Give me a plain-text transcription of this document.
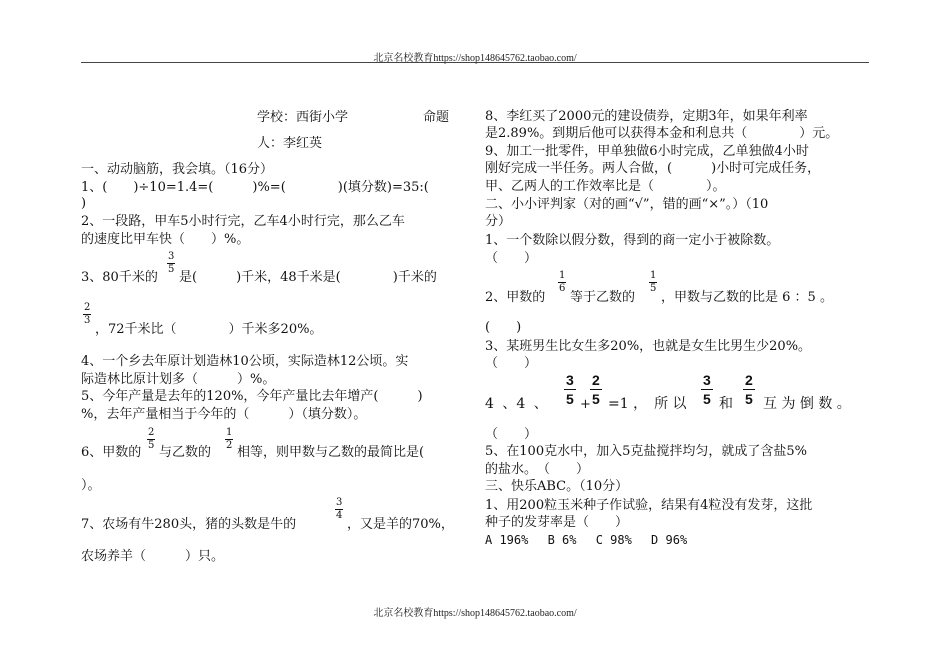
北京名校教育https://shop148645762.taobao.com/
学校：西街小学	命题
人：李红英
一、动动脑筋，我会填。（16分）
1、(　　)÷10=1.4=(　　　)%=(　　　　)(填分数)=35:(
)
2、一段路，甲车5小时行完，乙车4小时行完，那么乙车
的速度比甲车快（　　）%。
3、80千米的
$\frac{3}{5}$
是(　　　)千米，48千米是(　　　　)千米的
$\frac{2}{3}$
，72千米比（　　　　）千米多20%。
4、一个乡去年原计划造林10公顷，实际造林12公顷。实
际造林比原计划多（　　　）%。
5、今年产量是去年的120%，今年产量比去年增产(　　　)
%，去年产量相当于今年的（　　　）（填分数）。
6、甲数的
$\frac{2}{5}$
与乙数的
$\frac{1}{2}$
相等，则甲数与乙数的最简比是(
）。
7、农场有牛280头，猪的头数是牛的
$\frac{3}{4}$
，又是羊的70%，
农场养羊（　　　）只。
8、李红买了2000元的建设债券，定期3年，如果年利率
是2.89%。到期后他可以获得本金和利息共（　　　　）元。
9、加工一批零件，甲单独做6小时完成，乙单独做4小时
刚好完成一半任务。两人合做，(　　　)小时可完成任务，
甲、乙两人的工作效率比是（　　　　）。
二、小小评判家（对的画“√”，错的画“×”。）（10
分）
1、一个数除以假分数，得到的商一定小于被除数。
（　　）
2、甲数的
$\frac{1}{6}$
等于乙数的
$\frac{1}{5}$
，甲数与乙数的比是 6 ：5 。
(　　)
3、某班男生比女生多20%，也就是女生比男生少20%。
（　　）
4 、4 、 $\frac{3}{5} + \frac{2}{5} =1$ ，　所 以 $\frac{3}{5}$ 和 $\frac{2}{5}$ 互 为 倒 数 。
（　　）
5、在100克水中，加入5克盐搅拌均匀，就成了含盐5%
的盐水。　（　　）
三、快乐ABC。（10分）
1、用200粒玉米种子作试验，结果有4粒没有发芽，这批
种子的发芽率是（　　）
A 196%　 B 6%　 C 98%　 D 96%
北京名校教育https://shop148645762.taobao.com/
